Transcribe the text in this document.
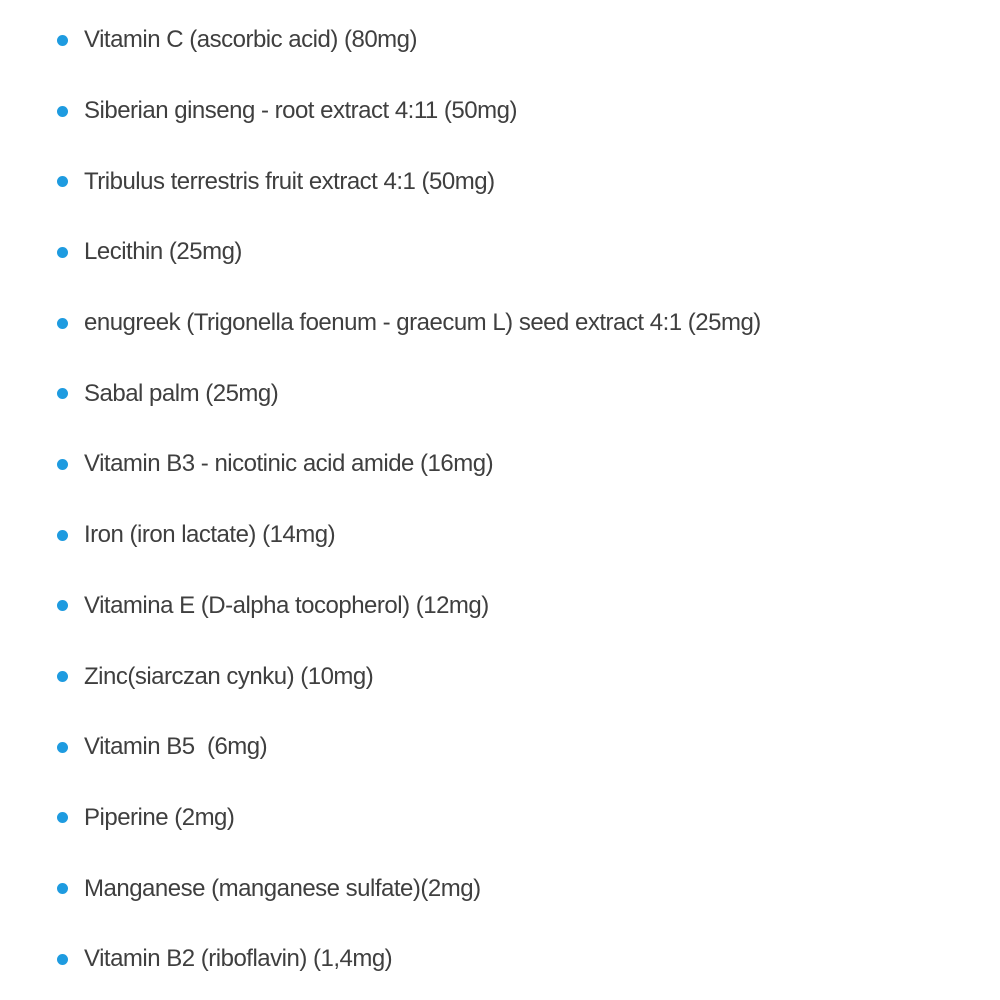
Vitamin C (ascorbic acid) (80mg)
Siberian ginseng - root extract 4:11 (50mg)
Tribulus terrestris fruit extract 4:1 (50mg)
Lecithin (25mg)
enugreek (Trigonella foenum - graecum L) seed extract 4:1 (25mg)
Sabal palm (25mg)
Vitamin B3 - nicotinic acid amide (16mg)
Iron (iron lactate) (14mg)
Vitamina E (D-alpha tocopherol) (12mg)
Zinc(siarczan cynku) (10mg)
Vitamin B5  (6mg)
Piperine (2mg)
Manganese (manganese sulfate)(2mg)
Vitamin B2 (riboflavin) (1,4mg)
